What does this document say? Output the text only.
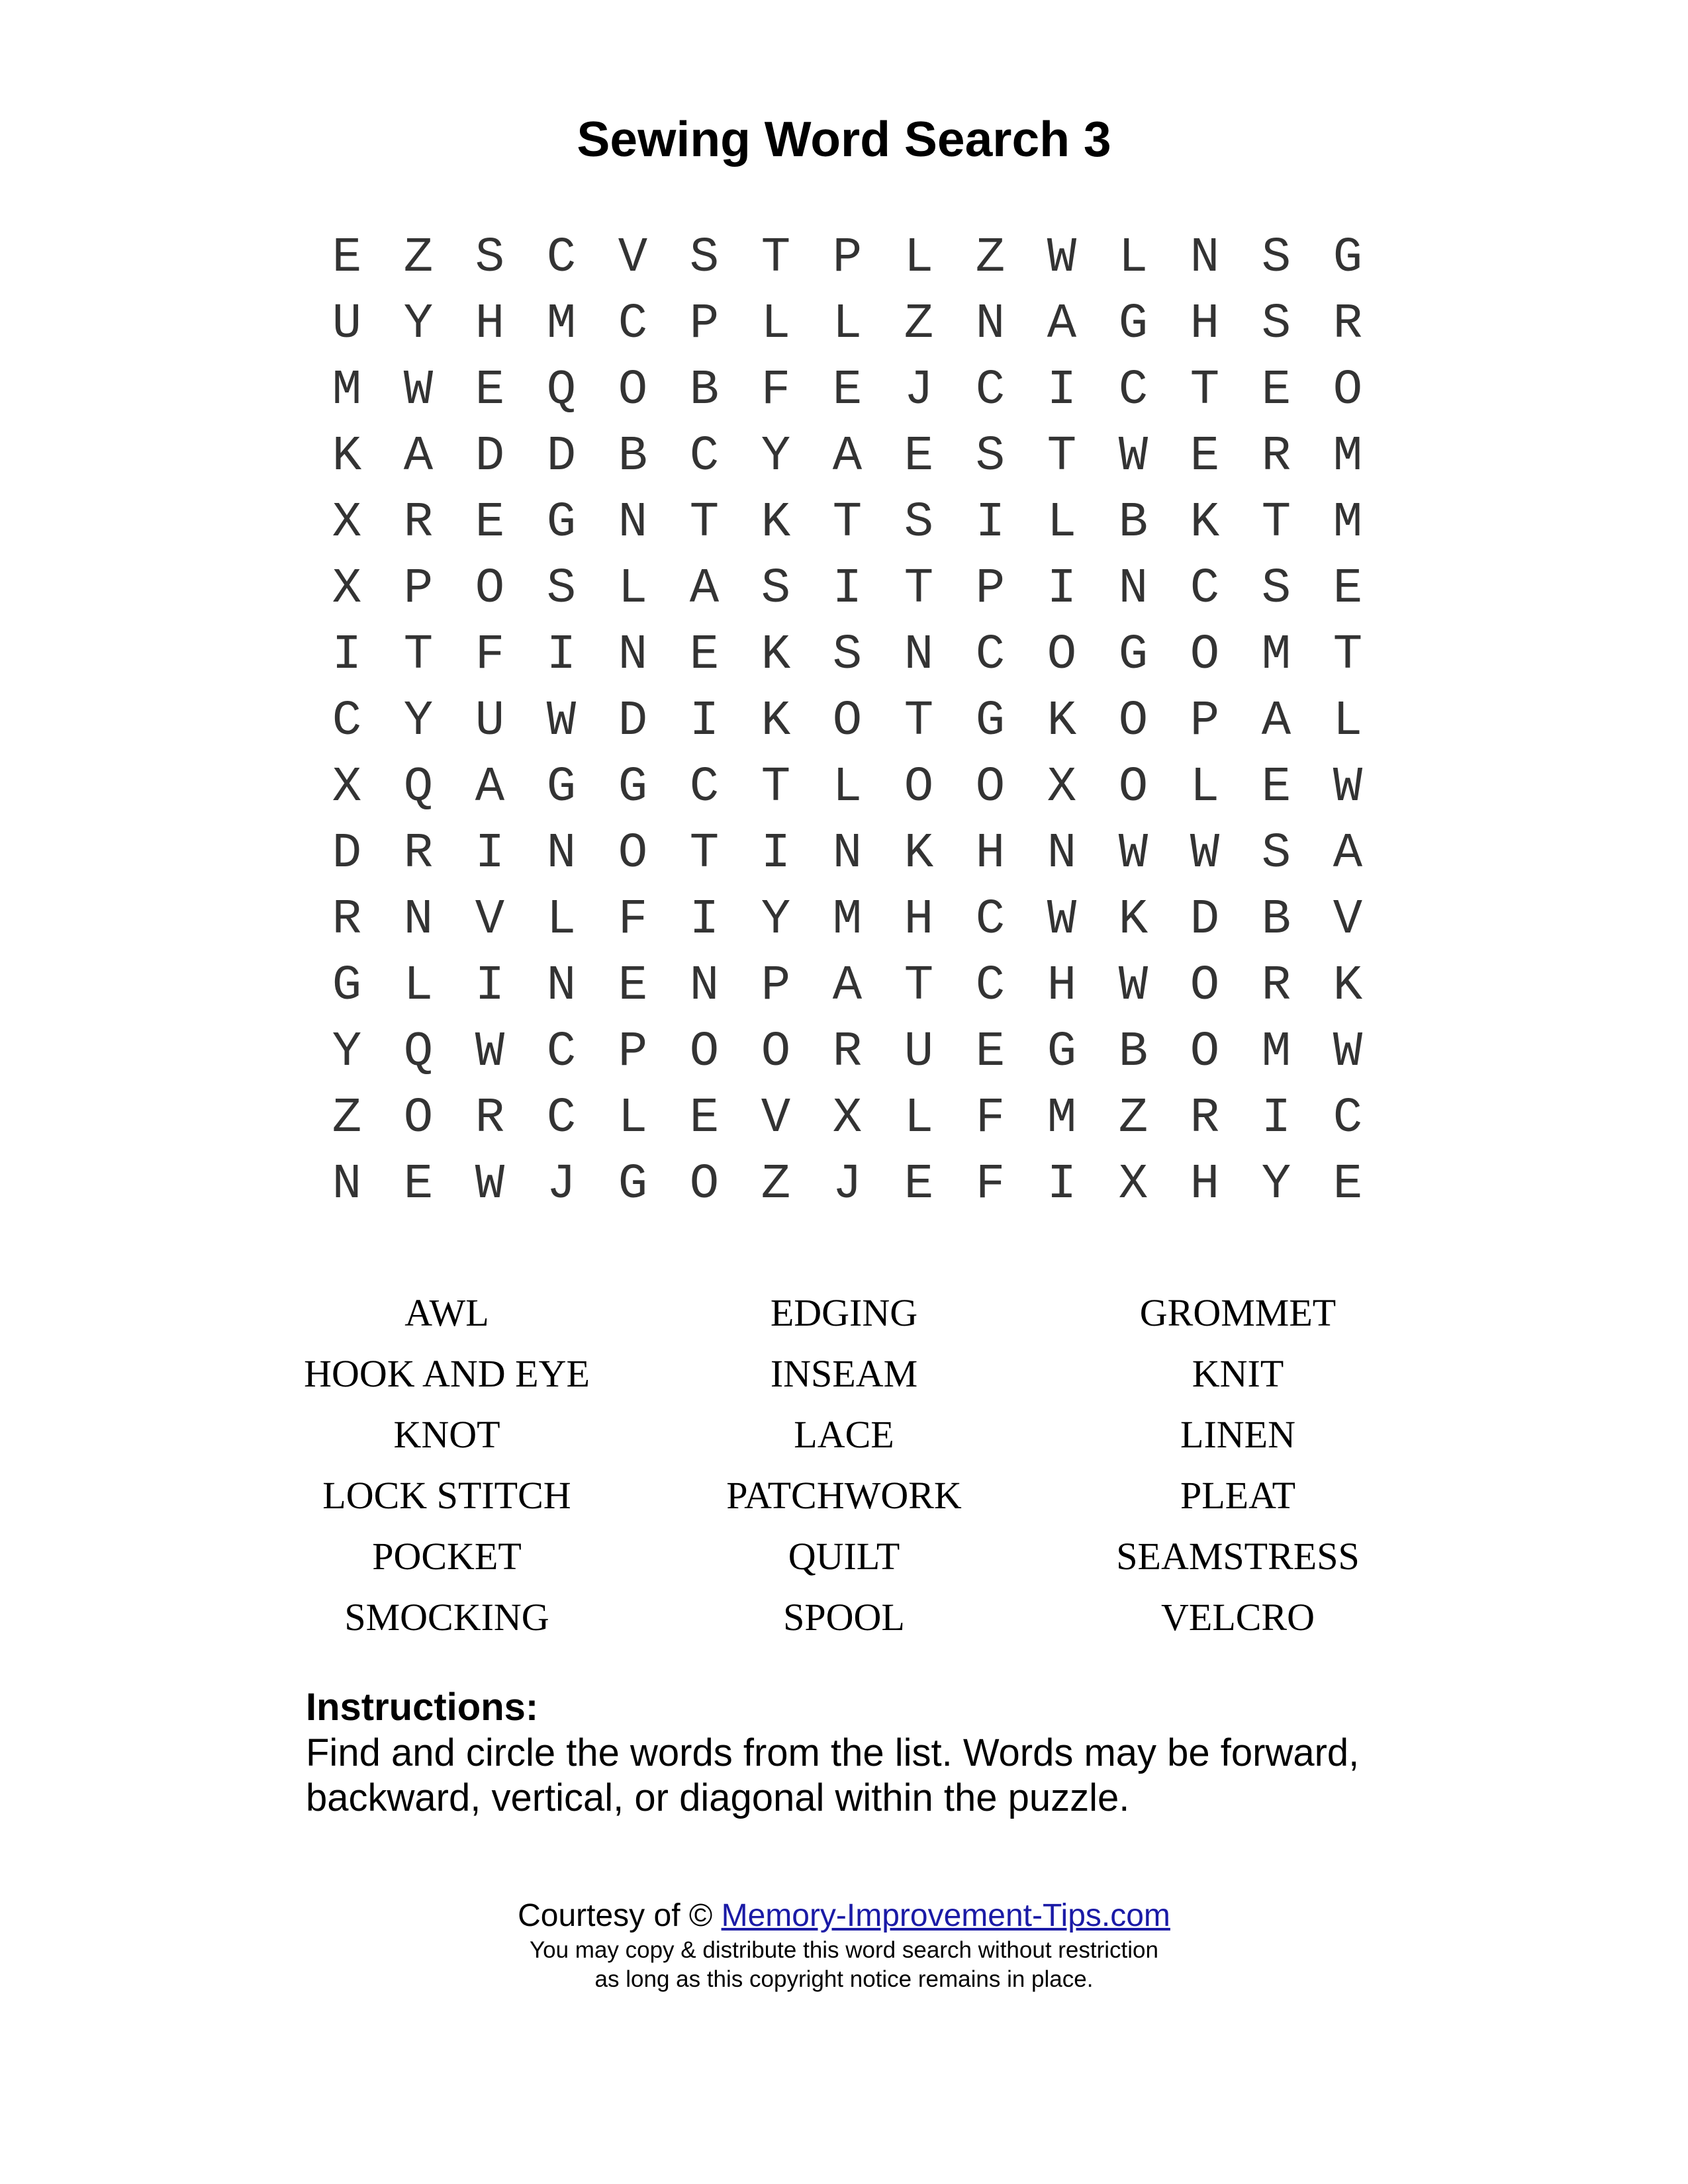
Sewing Word Search 3
E Z S C V S T P L Z W L N S G
U Y H M C P L L Z N A G H S R
M W E Q O B F E J C I C T E O
K A D D B C Y A E S T W E R M
X R E G N T K T S I L B K T M
X P O S L A S I T P I N C S E
I T F I N E K S N C O G O M T
C Y U W D I K O T G K O P A L
X Q A G G C T L O O X O L E W
D R I N O T I N K H N W W S A
R N V L F I Y M H C W K D B V
G L I N E N P A T C H W O R K
Y Q W C P O O R U E G B O M W
Z O R C L E V X L F M Z R I C
N E W J G O Z J E F I X H Y E
AWL	EDGING	GROMMET
HOOK AND EYE	INSEAM	KNIT
KNOT	LACE	LINEN
LOCK STITCH	PATCHWORK	PLEAT
POCKET	QUILT	SEAMSTRESS
SMOCKING	SPOOL	VELCRO
Instructions:
Find and circle the words from the list. Words may be forward,
backward, vertical, or diagonal within the puzzle.
Courtesy of © Memory-Improvement-Tips.com
You may copy & distribute this word search without restriction
as long as this copyright notice remains in place.
